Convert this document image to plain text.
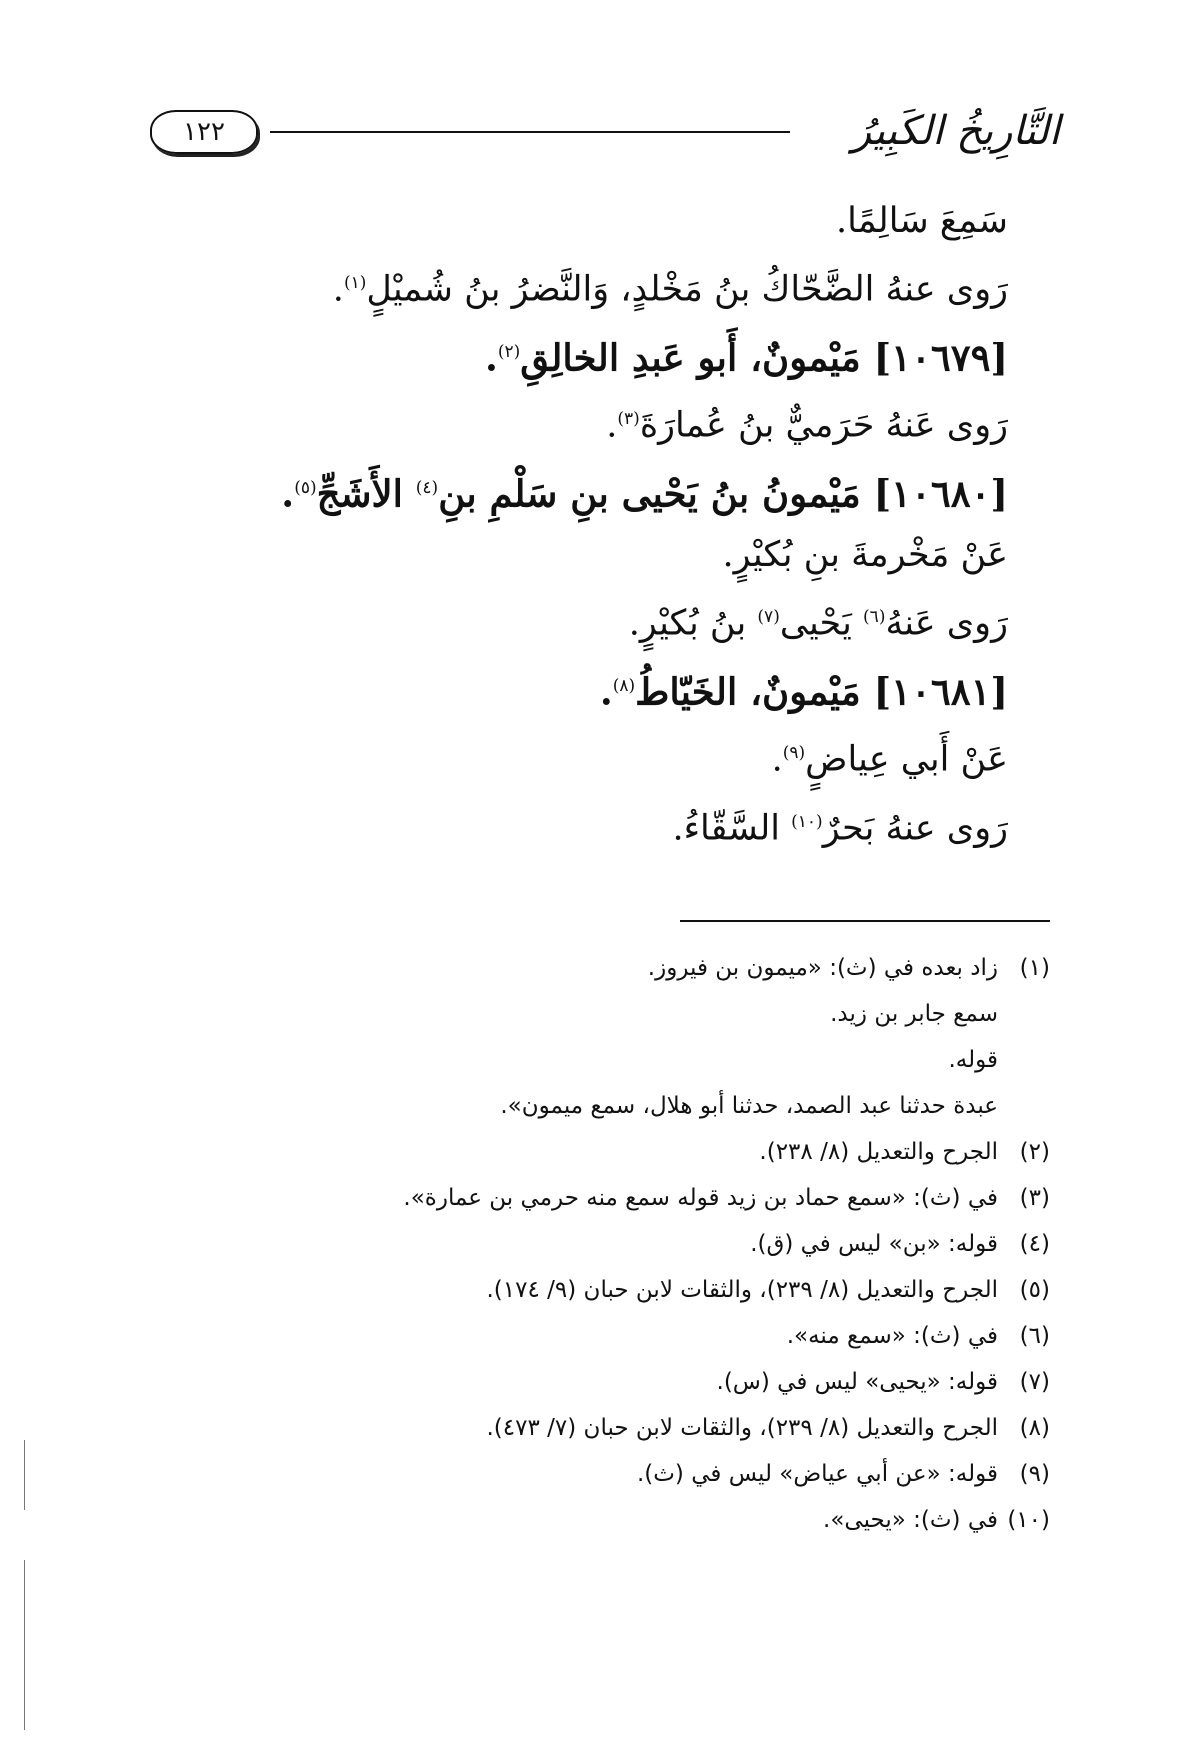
التَّارِيخُ الكَبِيرُ
١٢٢
سَمِعَ سَالِمًا.
رَوى عنهُ الضَّحّاكُ بنُ مَخْلدٍ، وَالنَّضرُ بنُ شُميْلٍ$^{(١)}$.
[١٠٦٧٩] مَيْمونٌ، أَبو عَبدِ الخالِقِ$^{(٢)}$.
رَوى عَنهُ حَرَميٌّ بنُ عُمارَةَ$^{(٣)}$.
[١٠٦٨٠] مَيْمونُ بنُ يَحْيى بنِ سَلْمِ بنِ$^{(٤)}$ الأَشَجِّ$^{(٥)}$.
عَنْ مَخْرمةَ بنِ بُكيْرٍ.
رَوى عَنهُ$^{(٦)}$ يَحْيى$^{(٧)}$ بنُ بُكيْرٍ.
[١٠٦٨١] مَيْمونٌ، الخَيّاطُ$^{(٨)}$.
عَنْ أَبي عِياضٍ$^{(٩)}$.
رَوى عنهُ بَحرٌ$^{(١٠)}$ السَّقّاءُ.
(١)زاد بعده في (ث): «ميمون بن فيروز.
سمع جابر بن زيد.
قوله.
عبدة حدثنا عبد الصمد، حدثنا أبو هلال، سمع ميمون».
(٢)الجرح والتعديل (٨/ ٢٣٨).
(٣)في (ث): «سمع حماد بن زيد قوله سمع منه حرمي بن عمارة».
(٤)قوله: «بن» ليس في (ق).
(٥)الجرح والتعديل (٨/ ٢٣٩)، والثقات لابن حبان (٩/ ١٧٤).
(٦)في (ث): «سمع منه».
(٧)قوله: «يحيى» ليس في (س).
(٨)الجرح والتعديل (٨/ ٢٣٩)، والثقات لابن حبان (٧/ ٤٧٣).
(٩)قوله: «عن أبي عياض» ليس في (ث).
(١٠)في (ث): «يحيى».
